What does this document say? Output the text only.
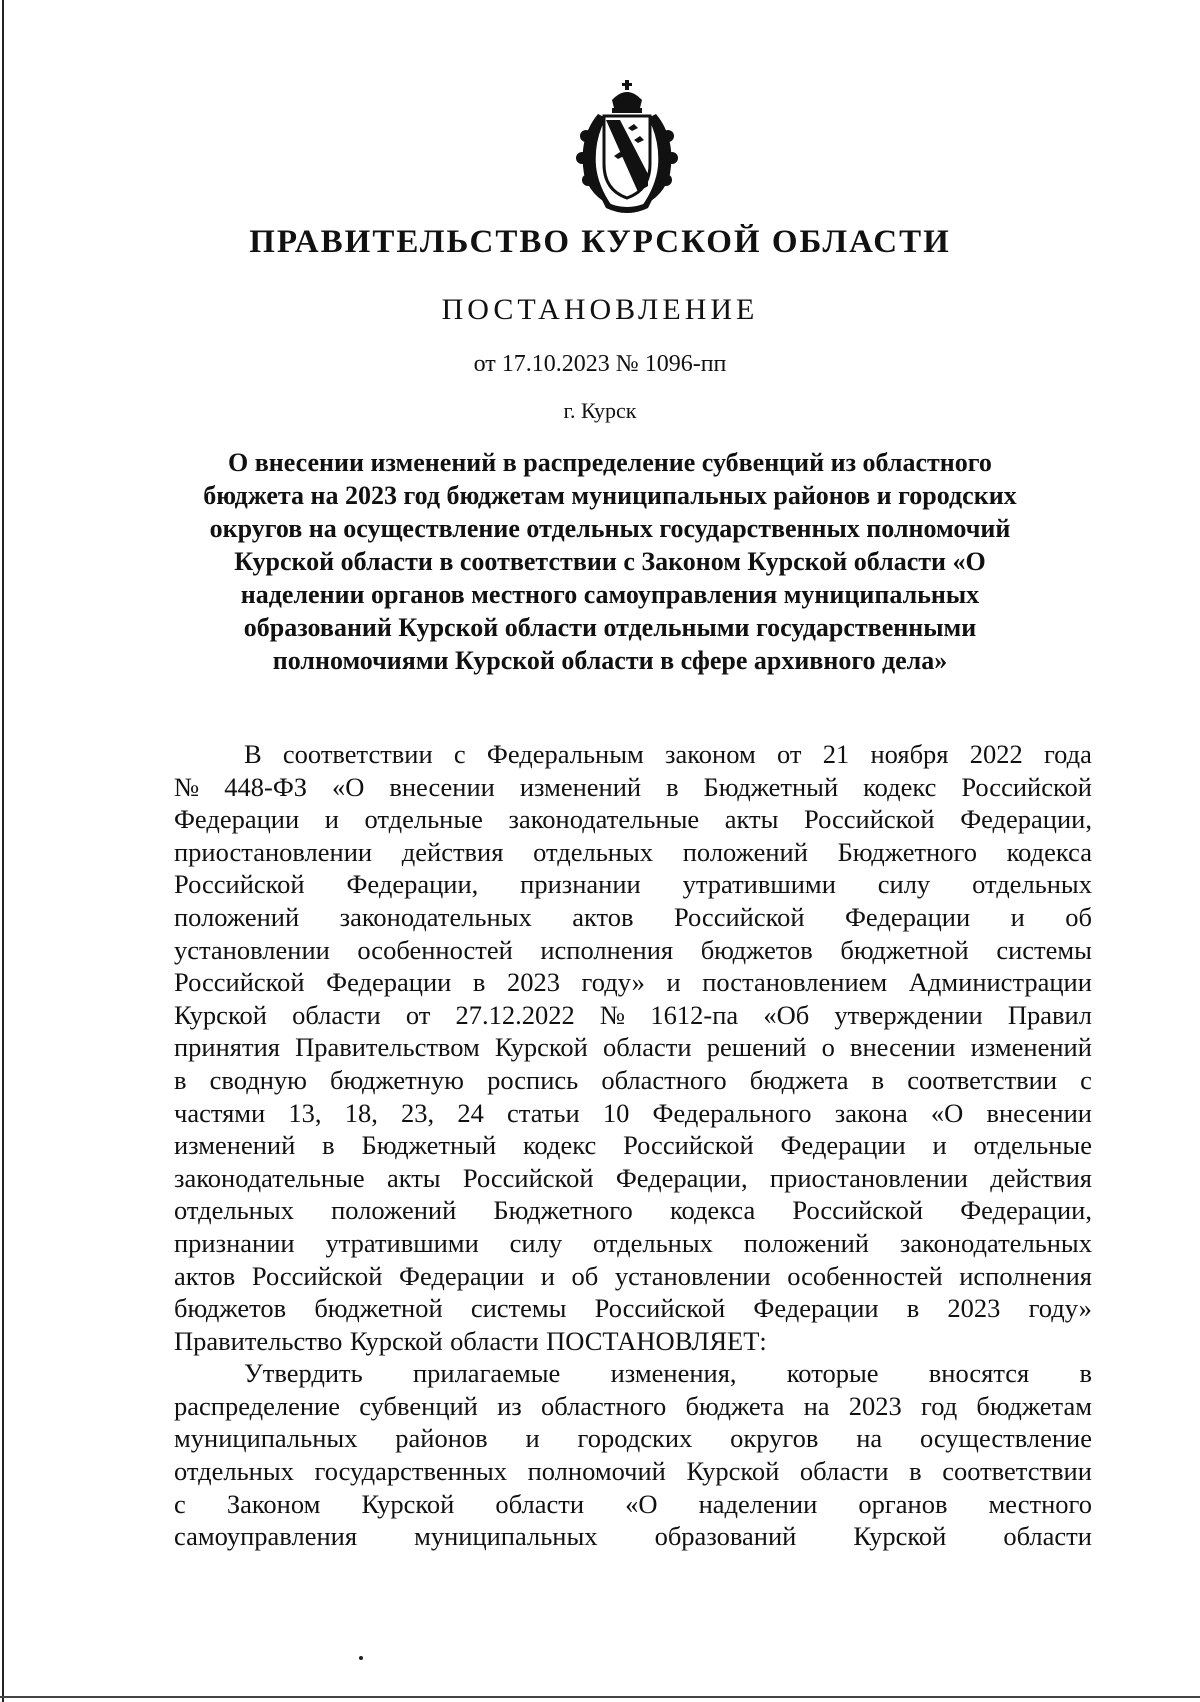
ПРАВИТЕЛЬСТВО КУРСКОЙ ОБЛАСТИ
ПОСТАНОВЛЕНИЕ
от 17.10.2023 № 1096-пп
г. Курск
О внесении изменений в распределение субвенций из областного
бюджета на 2023 год бюджетам муниципальных районов и городских
округов на осуществление отдельных государственных полномочий
Курской области в соответствии с Законом Курской области «О
наделении органов местного самоуправления муниципальных
образований Курской области отдельными государственными
полномочиями Курской области в сфере архивного дела»
В соответствии с Федеральным законом от 21 ноября 2022 года
№ 448-ФЗ «О внесении изменений в Бюджетный кодекс Российской
Федерации и отдельные законодательные акты Российской Федерации,
приостановлении действия отдельных положений Бюджетного кодекса
Российской Федерации, признании утратившими силу отдельных
положений законодательных актов Российской Федерации и об
установлении особенностей исполнения бюджетов бюджетной системы
Российской Федерации в 2023 году» и постановлением Администрации
Курской области от 27.12.2022 № 1612-па «Об утверждении Правил
принятия Правительством Курской области решений о внесении изменений
в сводную бюджетную роспись областного бюджета в соответствии с
частями 13, 18, 23, 24 статьи 10 Федерального закона «О внесении
изменений в Бюджетный кодекс Российской Федерации и отдельные
законодательные акты Российской Федерации, приостановлении действия
отдельных положений Бюджетного кодекса Российской Федерации,
признании утратившими силу отдельных положений законодательных
актов Российской Федерации и об установлении особенностей исполнения
бюджетов бюджетной системы Российской Федерации в 2023 году»
Правительство Курской области ПОСТАНОВЛЯЕТ:
Утвердить прилагаемые изменения, которые вносятся в
распределение субвенций из областного бюджета на 2023 год бюджетам
муниципальных районов и городских округов на осуществление
отдельных государственных полномочий Курской области в соответствии
с Законом Курской области «О наделении органов местного
самоуправления муниципальных образований Курской области
